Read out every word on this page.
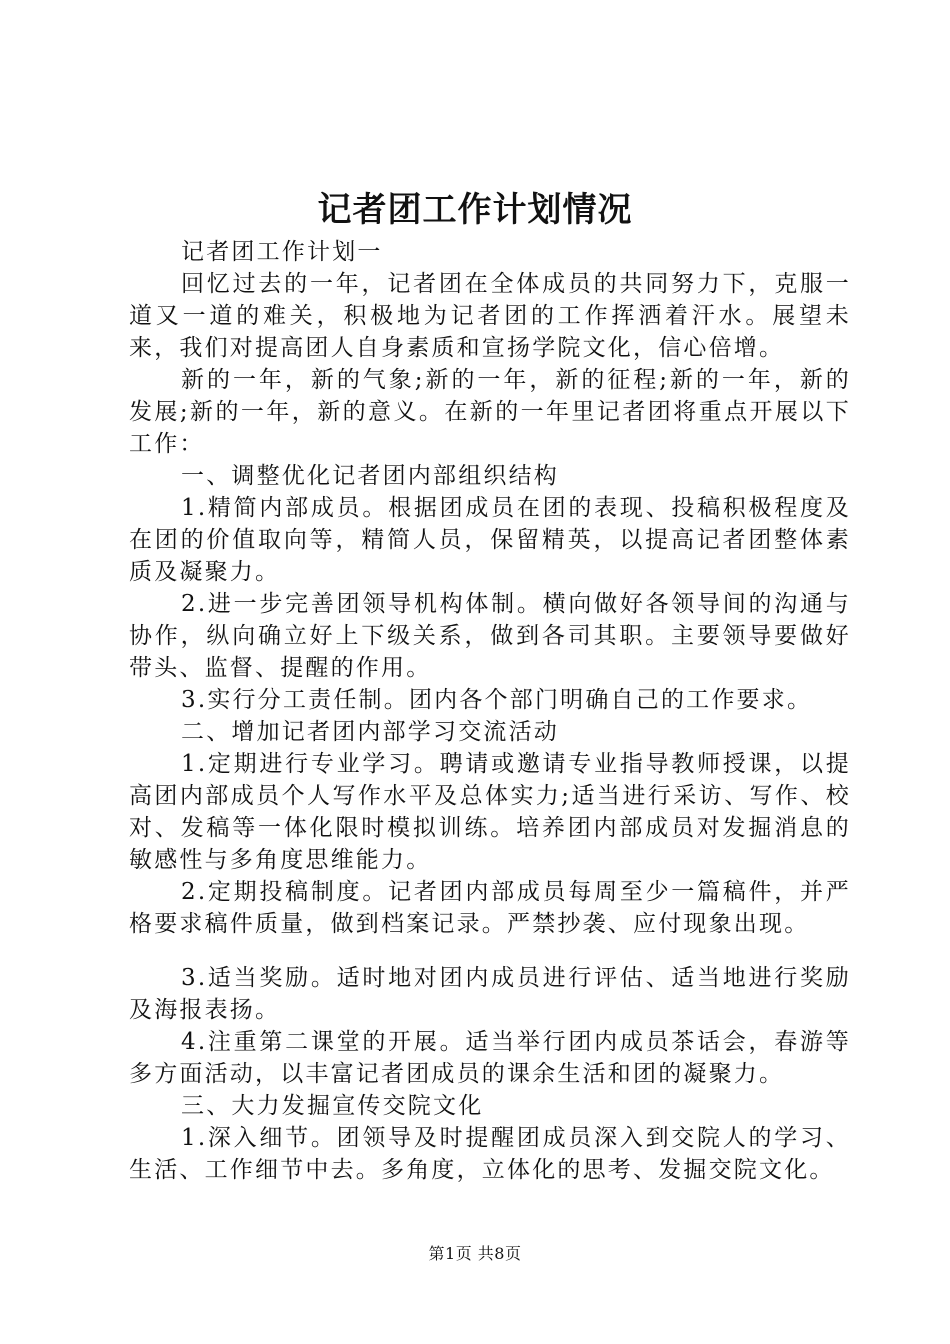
记者团工作计划情况

记者团工作计划一

回忆过去的一年，记者团在全体成员的共同努力下，克服一道又一道的难关，积极地为记者团的工作挥洒着汗水。展望未来，我们对提高团人自身素质和宣扬学院文化，信心倍增。

新的一年，新的气象;新的一年，新的征程;新的一年，新的发展;新的一年，新的意义。在新的一年里记者团将重点开展以下工作：

一、调整优化记者团内部组织结构

1.精简内部成员。根据团成员在团的表现、投稿积极程度及在团的价值取向等，精简人员，保留精英，以提高记者团整体素质及凝聚力。

2.进一步完善团领导机构体制。横向做好各领导间的沟通与协作，纵向确立好上下级关系，做到各司其职。主要领导要做好带头、监督、提醒的作用。

3.实行分工责任制。团内各个部门明确自己的工作要求。

二、增加记者团内部学习交流活动

1.定期进行专业学习。聘请或邀请专业指导教师授课，以提高团内部成员个人写作水平及总体实力;适当进行采访、写作、校对、发稿等一体化限时模拟训练。培养团内部成员对发掘消息的敏感性与多角度思维能力。

2.定期投稿制度。记者团内部成员每周至少一篇稿件，并严格要求稿件质量，做到档案记录。严禁抄袭、应付现象出现。

3.适当奖励。适时地对团内成员进行评估、适当地进行奖励及海报表扬。

4.注重第二课堂的开展。适当举行团内成员茶话会，春游等多方面活动，以丰富记者团成员的课余生活和团的凝聚力。

三、大力发掘宣传交院文化

1.深入细节。团领导及时提醒团成员深入到交院人的学习、生活、工作细节中去。多角度，立体化的思考、发掘交院文化。

第1页 共8页
